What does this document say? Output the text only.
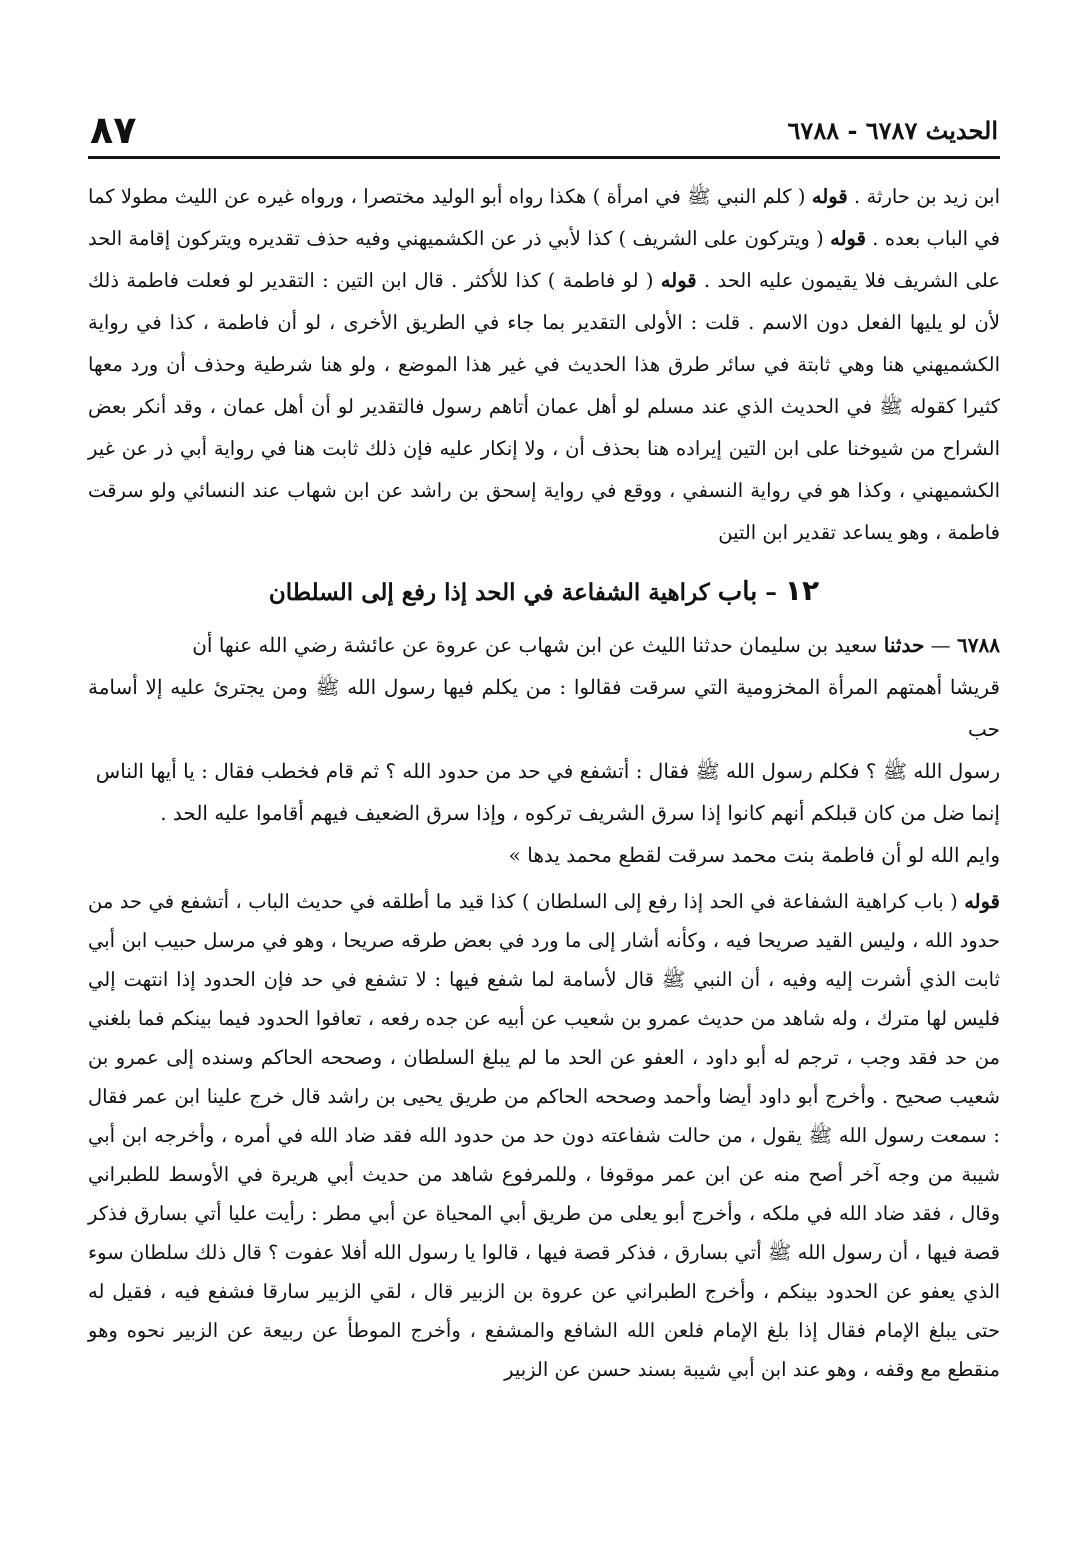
الحديث ٦٧٨٧ - ٦٧٨٨
٨٧

ابن زيد بن حارثة . قوله ( كلم النبي ﷺ في امرأة ) هكذا رواه أبو الوليد مختصرا ، ورواه غيره عن الليث مطولا كما في الباب بعده . قوله ( ويتركون على الشريف ) كذا لأبي ذر عن الكشميهني وفيه حذف تقديره ويتركون إقامة الحد على الشريف فلا يقيمون عليه الحد . قوله ( لو فاطمة ) كذا للأكثر . قال ابن التين : التقدير لو فعلت فاطمة ذلك لأن لو يليها الفعل دون الاسم . قلت : الأولى التقدير بما جاء في الطريق الأخرى ، لو أن فاطمة ، كذا في رواية الكشميهني هنا وهي ثابتة في سائر طرق هذا الحديث في غير هذا الموضع ، ولو هنا شرطية وحذف أن ورد معها كثيرا كقوله ﷺ في الحديث الذي عند مسلم لو أهل عمان أتاهم رسول فالتقدير لو أن أهل عمان ، وقد أنكر بعض الشراح من شيوخنا على ابن التين إيراده هنا بحذف أن ، ولا إنكار عليه فإن ذلك ثابت هنا في رواية أبي ذر عن غير الكشميهني ، وكذا هو في رواية النسفي ، ووقع في رواية إسحق بن راشد عن ابن شهاب عند النسائي ولو سرقت فاطمة ، وهو يساعد تقدير ابن التين

١٢ – باب كراهية الشفاعة في الحد إذا رفع إلى السلطان
٦٧٨٨ — حدثنا سعيد بن سليمان حدثنا الليث عن ابن شهاب عن عروة عن عائشة رضي الله عنها أن
قريشا أهمتهم المرأة المخزومية التي سرقت فقالوا : من يكلم فيها رسول الله ﷺ ومن يجترئ عليه إلا أسامة حب
رسول الله ﷺ ؟ فكلم رسول الله ﷺ فقال : أتشفع في حد من حدود الله ؟ ثم قام فخطب فقال : يا أيها الناس
إنما ضل من كان قبلكم أنهم كانوا إذا سرق الشريف تركوه ، وإذا سرق الضعيف فيهم أقاموا عليه الحد .
وايم الله لو أن فاطمة بنت محمد سرقت لقطع محمد يدها »

قوله ( باب كراهية الشفاعة في الحد إذا رفع إلى السلطان ) كذا قيد ما أطلقه في حديث الباب ، أتشفع في حد من حدود الله ، وليس القيد صريحا فيه ، وكأنه أشار إلى ما ورد في بعض طرقه صريحا ، وهو في مرسل حبيب ابن أبي ثابت الذي أشرت إليه وفيه ، أن النبي ﷺ قال لأسامة لما شفع فيها : لا تشفع في حد فإن الحدود إذا انتهت إلي فليس لها مترك ، وله شاهد من حديث عمرو بن شعيب عن أبيه عن جده رفعه ، تعافوا الحدود فيما بينكم فما بلغني من حد فقد وجب ، ترجم له أبو داود ، العفو عن الحد ما لم يبلغ السلطان ، وصححه الحاكم وسنده إلى عمرو بن شعيب صحيح . وأخرج أبو داود أيضا وأحمد وصححه الحاكم من طريق يحيى بن راشد قال خرج علينا ابن عمر فقال : سمعت رسول الله ﷺ يقول ، من حالت شفاعته دون حد من حدود الله فقد ضاد الله في أمره ، وأخرجه ابن أبي شيبة من وجه آخر أصح منه عن ابن عمر موقوفا ، وللمرفوع شاهد من حديث أبي هريرة في الأوسط للطبراني وقال ، فقد ضاد الله في ملكه ، وأخرج أبو يعلى من طريق أبي المحياة عن أبي مطر : رأيت عليا أتي بسارق فذكر قصة فيها ، أن رسول الله ﷺ أتي بسارق ، فذكر قصة فيها ، قالوا يا رسول الله أفلا عفوت ؟ قال ذلك سلطان سوء الذي يعفو عن الحدود بينكم ، وأخرج الطبراني عن عروة بن الزبير قال ، لقي الزبير سارقا فشفع فيه ، فقيل له حتى يبلغ الإمام فقال إذا بلغ الإمام فلعن الله الشافع والمشفع ، وأخرج الموطأ عن ربيعة عن الزبير نحوه وهو منقطع مع وقفه ، وهو عند ابن أبي شيبة بسند حسن عن الزبير
